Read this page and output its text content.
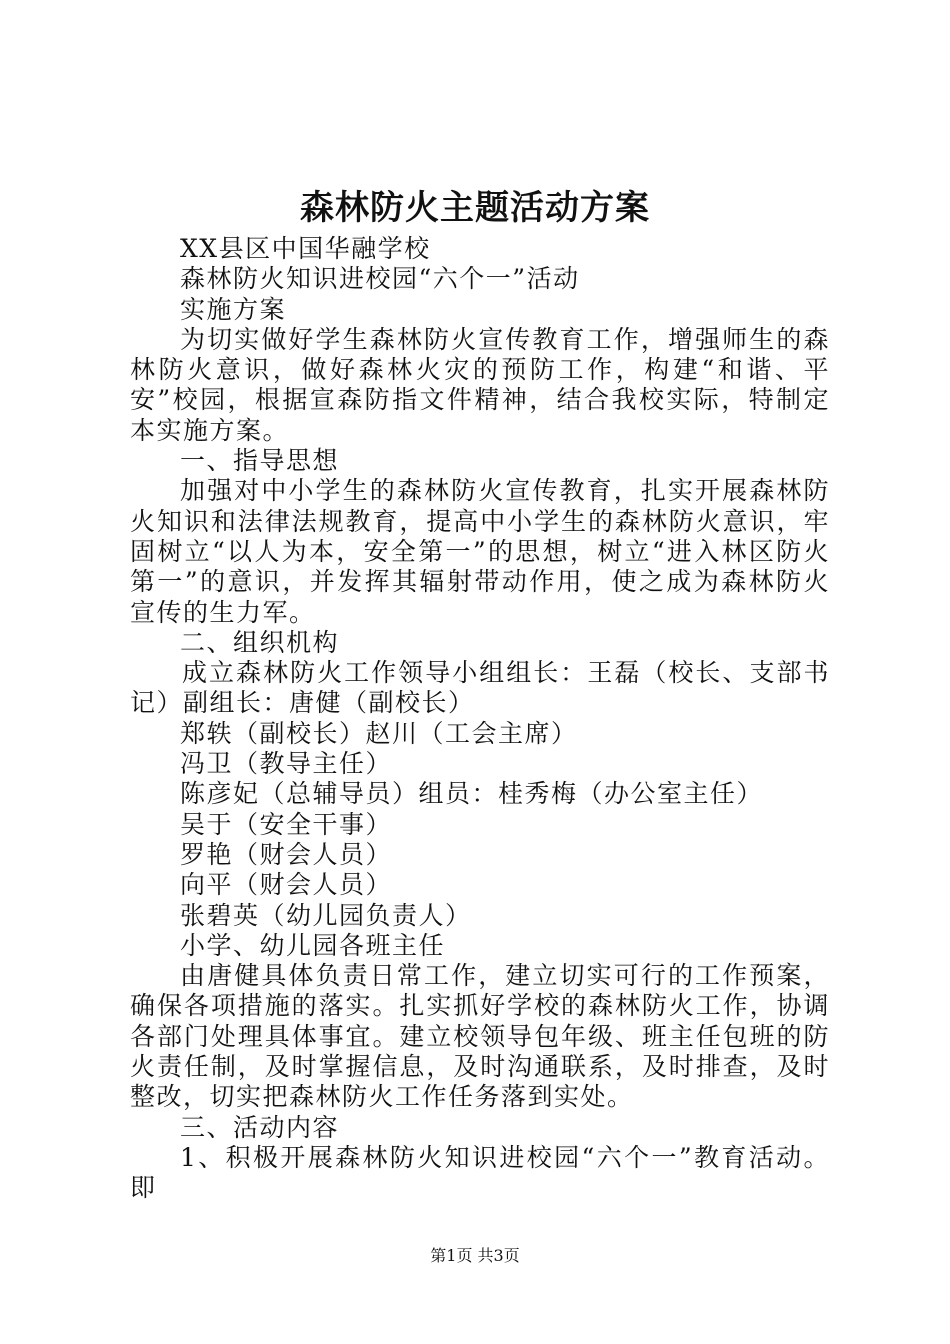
森林防火主题活动方案

XX县区中国华融学校

森林防火知识进校园“六个一”活动

实施方案

为切实做好学生森林防火宣传教育工作，增强师生的森林防火意识，做好森林火灾的预防工作，构建“和谐、平安”校园，根据宣森防指文件精神，结合我校实际，特制定本实施方案。

一、指导思想

加强对中小学生的森林防火宣传教育，扎实开展森林防火知识和法律法规教育，提高中小学生的森林防火意识，牢固树立“以人为本，安全第一”的思想，树立“进入林区防火第一”的意识，并发挥其辐射带动作用，使之成为森林防火宣传的生力军。

二、组织机构

成立森林防火工作领导小组组长：王磊（校长、支部书记）副组长：唐健（副校长）

郑轶（副校长）赵川（工会主席）

冯卫（教导主任）

陈彦妃（总辅导员）组员：桂秀梅（办公室主任）

吴于（安全干事）

罗艳（财会人员）

向平（财会人员）

张碧英（幼儿园负责人）

小学、幼儿园各班主任

由唐健具体负责日常工作，建立切实可行的工作预案，确保各项措施的落实。扎实抓好学校的森林防火工作，协调各部门处理具体事宜。建立校领导包年级、班主任包班的防火责任制，及时掌握信息，及时沟通联系，及时排查，及时整改，切实把森林防火工作任务落到实处。

三、活动内容

1、积极开展森林防火知识进校园“六个一”教育活动。即

第1页 共3页
